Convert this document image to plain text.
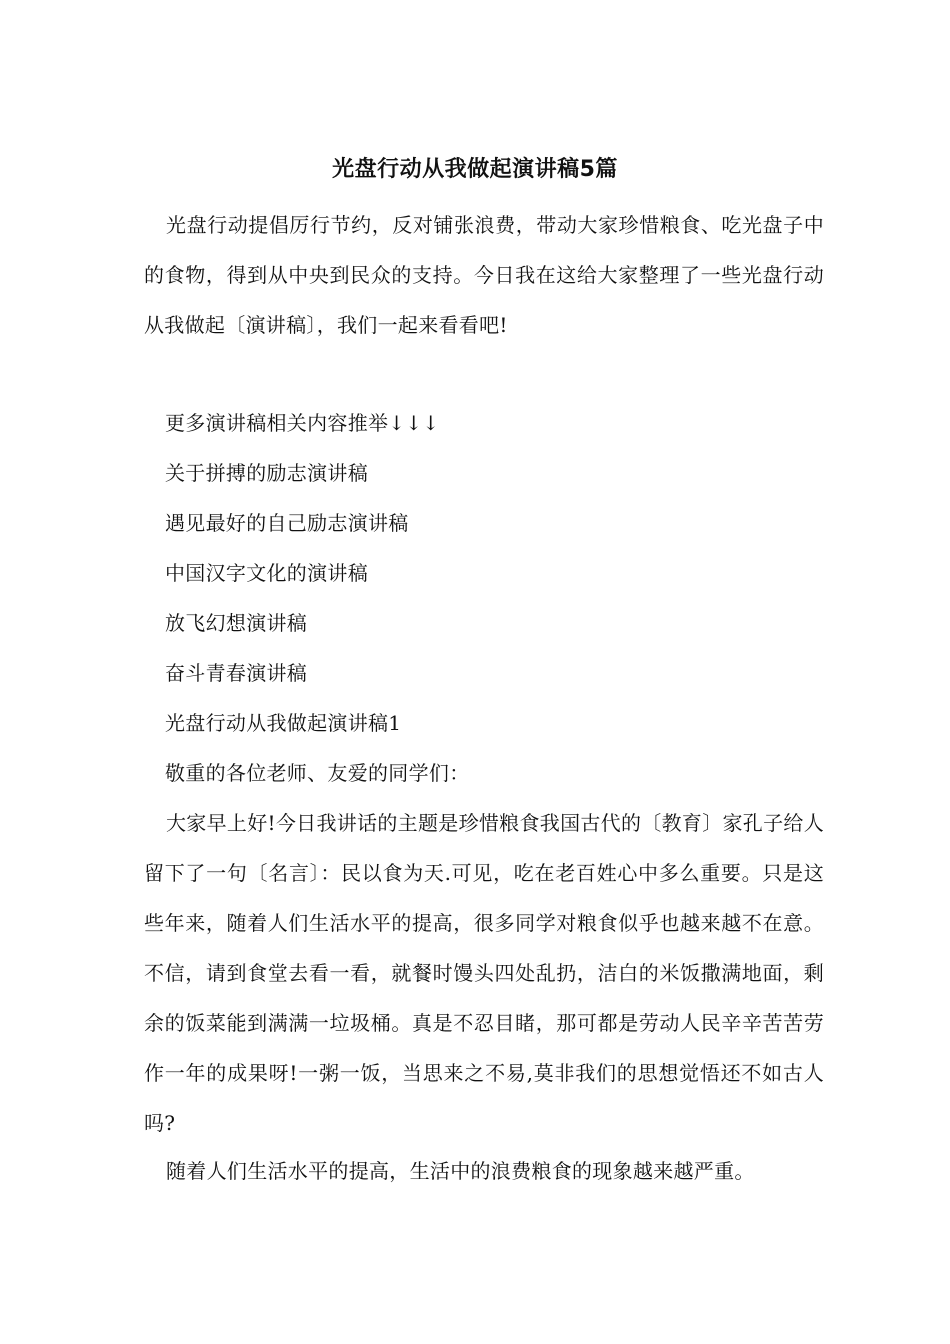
光盘行动从我做起演讲稿5篇

光盘行动提倡厉行节约，反对铺张浪费，带动大家珍惜粮食、吃光盘子中的食物，得到从中央到民众的支持。今日我在这给大家整理了一些光盘行动从我做起〔演讲稿〕，我们一起来看看吧!

更多演讲稿相关内容推举↓↓↓

关于拼搏的励志演讲稿

遇见最好的自己励志演讲稿

中国汉字文化的演讲稿

放飞幻想演讲稿

奋斗青春演讲稿

光盘行动从我做起演讲稿1

敬重的各位老师、友爱的同学们：

大家早上好!今日我讲话的主题是珍惜粮食我国古代的〔教育〕家孔子给人留下了一句〔名言〕：民以食为天.可见，吃在老百姓心中多么重要。只是这些年来，随着人们生活水平的提高，很多同学对粮食似乎也越来越不在意。不信，请到食堂去看一看，就餐时馒头四处乱扔，洁白的米饭撒满地面，剩余的饭菜能到满满一垃圾桶。真是不忍目睹，那可都是劳动人民辛辛苦苦劳作一年的成果呀!一粥一饭，当思来之不易,莫非我们的思想觉悟还不如古人吗?

随着人们生活水平的提高，生活中的浪费粮食的现象越来越严重。
